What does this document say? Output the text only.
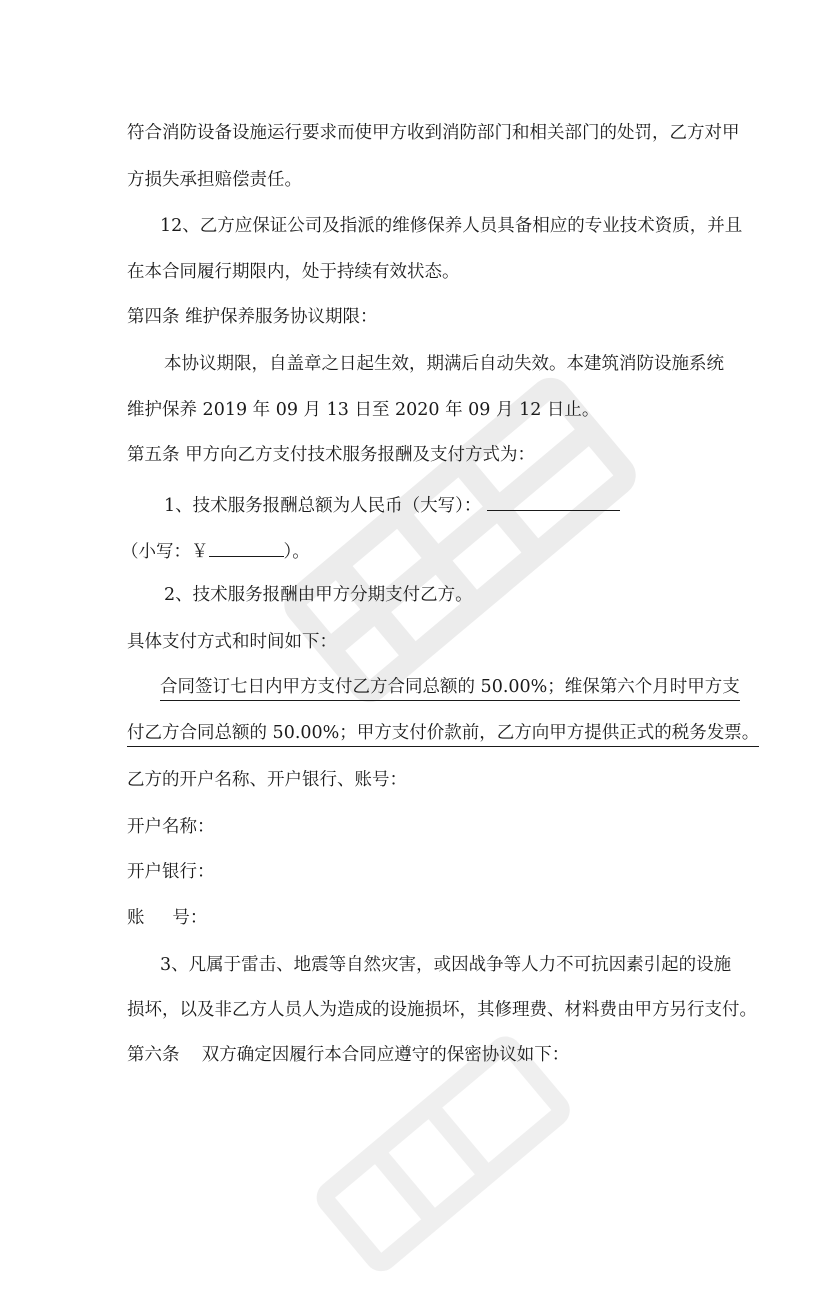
符合消防设备设施运行要求而使甲方收到消防部门和相关部门的处罚，乙方对甲
方损失承担赔偿责任。
12、乙方应保证公司及指派的维修保养人员具备相应的专业技术资质，并且
在本合同履行期限内，处于持续有效状态。
第四条 维护保养服务协议期限：
本协议期限，自盖章之日起生效，期满后自动失效。本建筑消防设施系统
维护保养 2019 年 09 月 13 日至 2020 年 09 月 12 日止。
第五条 甲方向乙方支付技术服务报酬及支付方式为：
1、技术服务报酬总额为人民币（大写）：
（小写：￥	）。
2、技术服务报酬由甲方分期支付乙方。
具体支付方式和时间如下：
合同签订七日内甲方支付乙方合同总额的 50.00%；维保第六个月时甲方支
付乙方合同总额的 50.00%；甲方支付价款前，乙方向甲方提供正式的税务发票。
乙方的开户名称、开户银行、账号：
开户名称：
开户银行：
账     号：
3、凡属于雷击、地震等自然灾害，或因战争等人力不可抗因素引起的设施
损坏，以及非乙方人员人为造成的设施损坏，其修理费、材料费由甲方另行支付。
第六条    双方确定因履行本合同应遵守的保密协议如下：
